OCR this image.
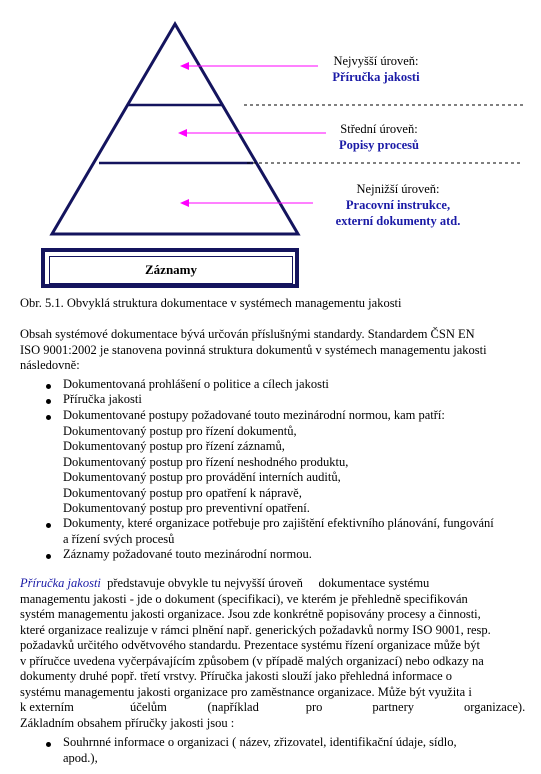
Nejvyšší úroveň:
Příručka jakosti
Střední úroveň:
Popisy procesů
Nejnižší úroveň:
Pracovní instrukce,
externí dokumenty atd.
Záznamy
Obr. 5.1. Obvyklá struktura dokumentace v systémech managementu jakosti
Obsah systémové dokumentace bývá určován příslušnými standardy. Standardem ČSN EN
ISO 9001:2002 je stanovena povinná struktura dokumentů v systémech managementu jakosti
následovně:
Dokumentovaná prohlášení o politice a cílech jakosti
Příručka jakosti
Dokumentované postupy požadované touto mezinárodní normou, kam patří:
Dokumentovaný postup pro řízení dokumentů,
Dokumentovaný postup pro řízení záznamů,
Dokumentovaný postup pro řízení neshodného produktu,
Dokumentovaný postup pro provádění interních auditů,
Dokumentovaný postup pro opatření k nápravě,
Dokumentovaný postup pro preventivní opatření.
Dokumenty, které organizace potřebuje pro zajištění efektivního plánování, fungování
a řízení svých procesů
Záznamy požadované touto mezinárodní normou.
Příručka jakosti  představuje obvykle tu nejvyšší úroveň     dokumentace systému
managementu jakosti - jde o dokument (specifikaci), ve kterém je přehledně specifikován
systém managementu jakosti organizace. Jsou zde konkrétně popisovány procesy a činnosti,
které organizace realizuje v rámci plnění např. generických požadavků normy ISO 9001, resp.
požadavků určitého odvětvového standardu. Prezentace systému řízení organizace může být
v příručce uvedena vyčerpávajícím způsobem (v případě malých organizací) nebo odkazy na
dokumenty druhé popř. třetí vrstvy. Příručka jakosti slouží jako přehledná informace o
systému managementu jakosti organizace pro zaměstnance organizace. Může být využita i
k externím                  účelům             (například               pro                partnery                organizace).
Základním obsahem příručky jakosti jsou :
Souhrnné informace o organizaci ( název, zřizovatel, identifikační údaje, sídlo,
apod.),
